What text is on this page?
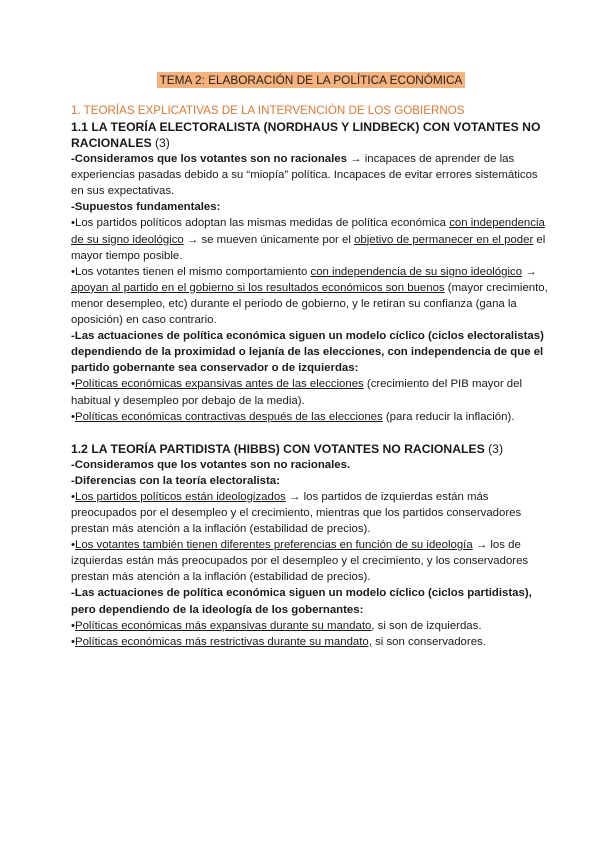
TEMA 2: ELABORACIÓN DE LA POLÍTICA ECONÓMICA
1. TEORÍAS EXPLICATIVAS DE LA INTERVENCIÓN DE LOS GOBIERNOS
1.1 LA TEORÍA ELECTORALISTA (NORDHAUS Y LINDBECK) CON VOTANTES NO RACIONALES (3)

-Consideramos que los votantes son no racionales → incapaces de aprender de las experiencias pasadas debido a su “miopía” política. Incapaces de evitar errores sistemáticos en sus expectativas.

-Supuestos fundamentales:

•Los partidos políticos adoptan las mismas medidas de política económica con independencia de su signo ideológico → se mueven únicamente por el objetivo de permanecer en el poder el mayor tiempo posible.

•Los votantes tienen el mismo comportamiento con independencia de su signo ideológico → apoyan al partido en el gobierno si los resultados económicos son buenos (mayor crecimiento, menor desempleo, etc) durante el periodo de gobierno, y le retiran su confianza (gana la oposición) en caso contrario.

-Las actuaciones de política económica siguen un modelo cíclico (ciclos electoralistas) dependiendo de la proximidad o lejanía de las elecciones, con independencia de que el partido gobernante sea conservador o de izquierdas:

•Políticas económicas expansivas antes de las elecciones (crecimiento del PIB mayor del habitual y desempleo por debajo de la media).

•Políticas económicas contractivas después de las elecciones (para reducir la inflación).

1.2 LA TEORÍA PARTIDISTA (HIBBS) CON VOTANTES NO RACIONALES (3)

-Consideramos que los votantes son no racionales.

-Diferencias con la teoría electoralista:

•Los partidos políticos están ideologizados → los partidos de izquierdas están más preocupados por el desempleo y el crecimiento, mientras que los partidos conservadores prestan más atención a la inflación (estabilidad de precios).

•Los votantes también tienen diferentes preferencias en función de su ideología → los de izquierdas están más preocupados por el desempleo y el crecimiento, y los conservadores prestan más atención a la inflación (estabilidad de precios).

-Las actuaciones de política económica siguen un modelo cíclico (ciclos partidistas), pero dependiendo de la ideología de los gobernantes:

•Políticas económicas más expansivas durante su mandato, si son de izquierdas.

•Políticas económicas más restrictivas durante su mandato, si son conservadores.
